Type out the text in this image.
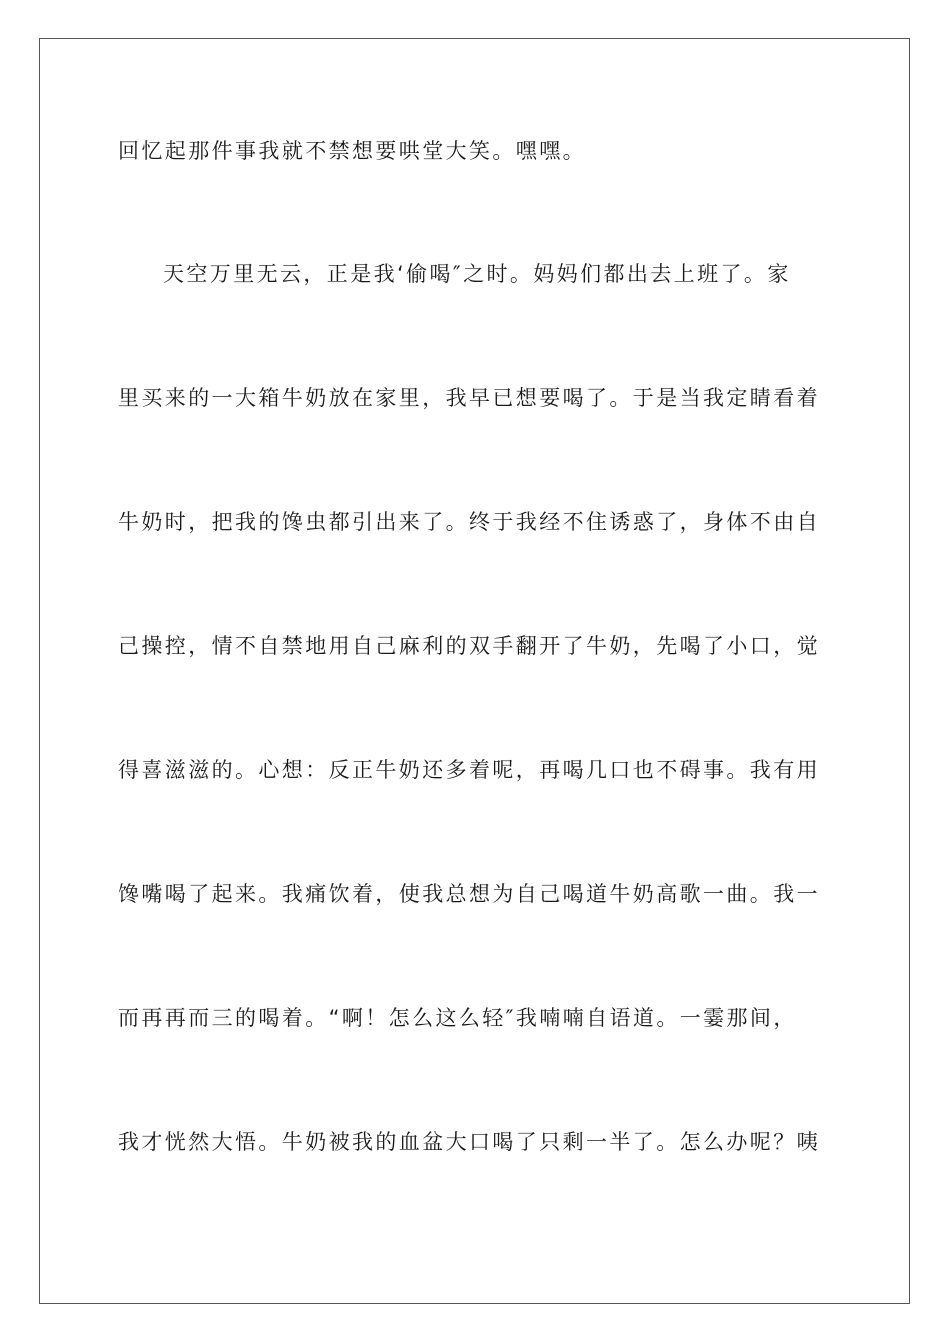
回忆起那件事我就不禁想要哄堂大笑。嘿嘿。
天空万里无云，正是我‘偷喝″之时。妈妈们都出去上班了。家
里买来的一大箱牛奶放在家里，我早已想要喝了。于是当我定睛看着
牛奶时，把我的馋虫都引出来了。终于我经不住诱惑了，身体不由自
己操控，情不自禁地用自己麻利的双手翻开了牛奶，先喝了小口，觉
得喜滋滋的。心想：反正牛奶还多着呢，再喝几口也不碍事。我有用
馋嘴喝了起来。我痛饮着，使我总想为自己喝道牛奶高歌一曲。我一
而再再而三的喝着。“啊！怎么这么轻″我喃喃自语道。一霎那间，
我才恍然大悟。牛奶被我的血盆大口喝了只剩一半了。怎么办呢？咦
